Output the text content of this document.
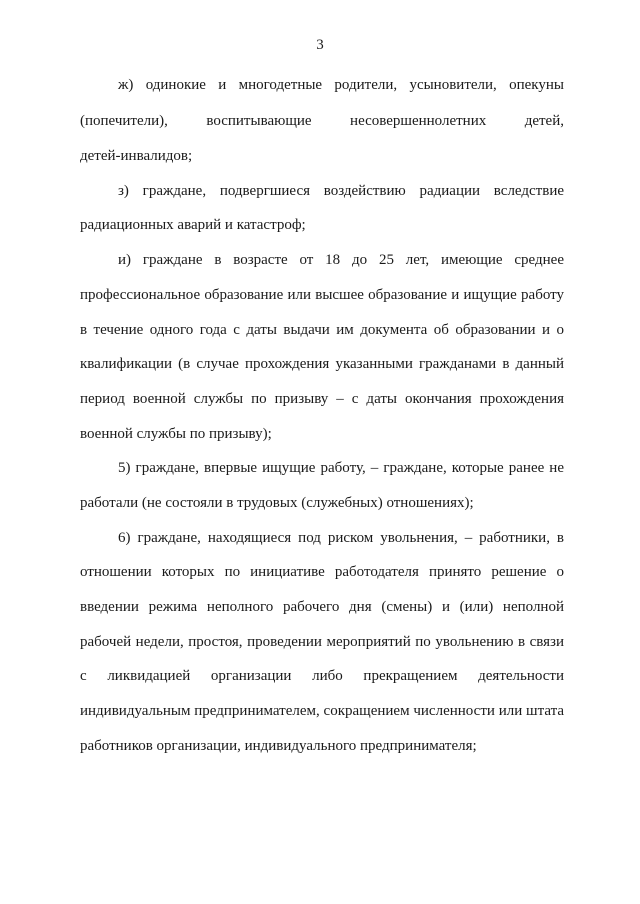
3
ж) одинокие и многодетные родители, усыновители, опекуны
(попечители), воспитывающие несовершеннолетних детей,
детей-инвалидов;
з) граждане, подвергшиеся воздействию радиации вследствие
радиационных аварий и катастроф;
и) граждане в возрасте от 18 до 25 лет, имеющие среднее
профессиональное образование или высшее образование и ищущие работу
в течение одного года с даты выдачи им документа об образовании и о
квалификации (в случае прохождения указанными гражданами в данный
период военной службы по призыву – с даты окончания прохождения
военной службы по призыву);
5) граждане, впервые ищущие работу, – граждане, которые ранее не
работали (не состояли в трудовых (служебных) отношениях);
6) граждане, находящиеся под риском увольнения, – работники, в
отношении которых по инициативе работодателя принято решение о
введении режима неполного рабочего дня (смены) и (или) неполной
рабочей недели, простоя, проведении мероприятий по увольнению в связи
с ликвидацией организации либо прекращением деятельности
индивидуальным предпринимателем, сокращением численности или штата
работников организации, индивидуального предпринимателя;
